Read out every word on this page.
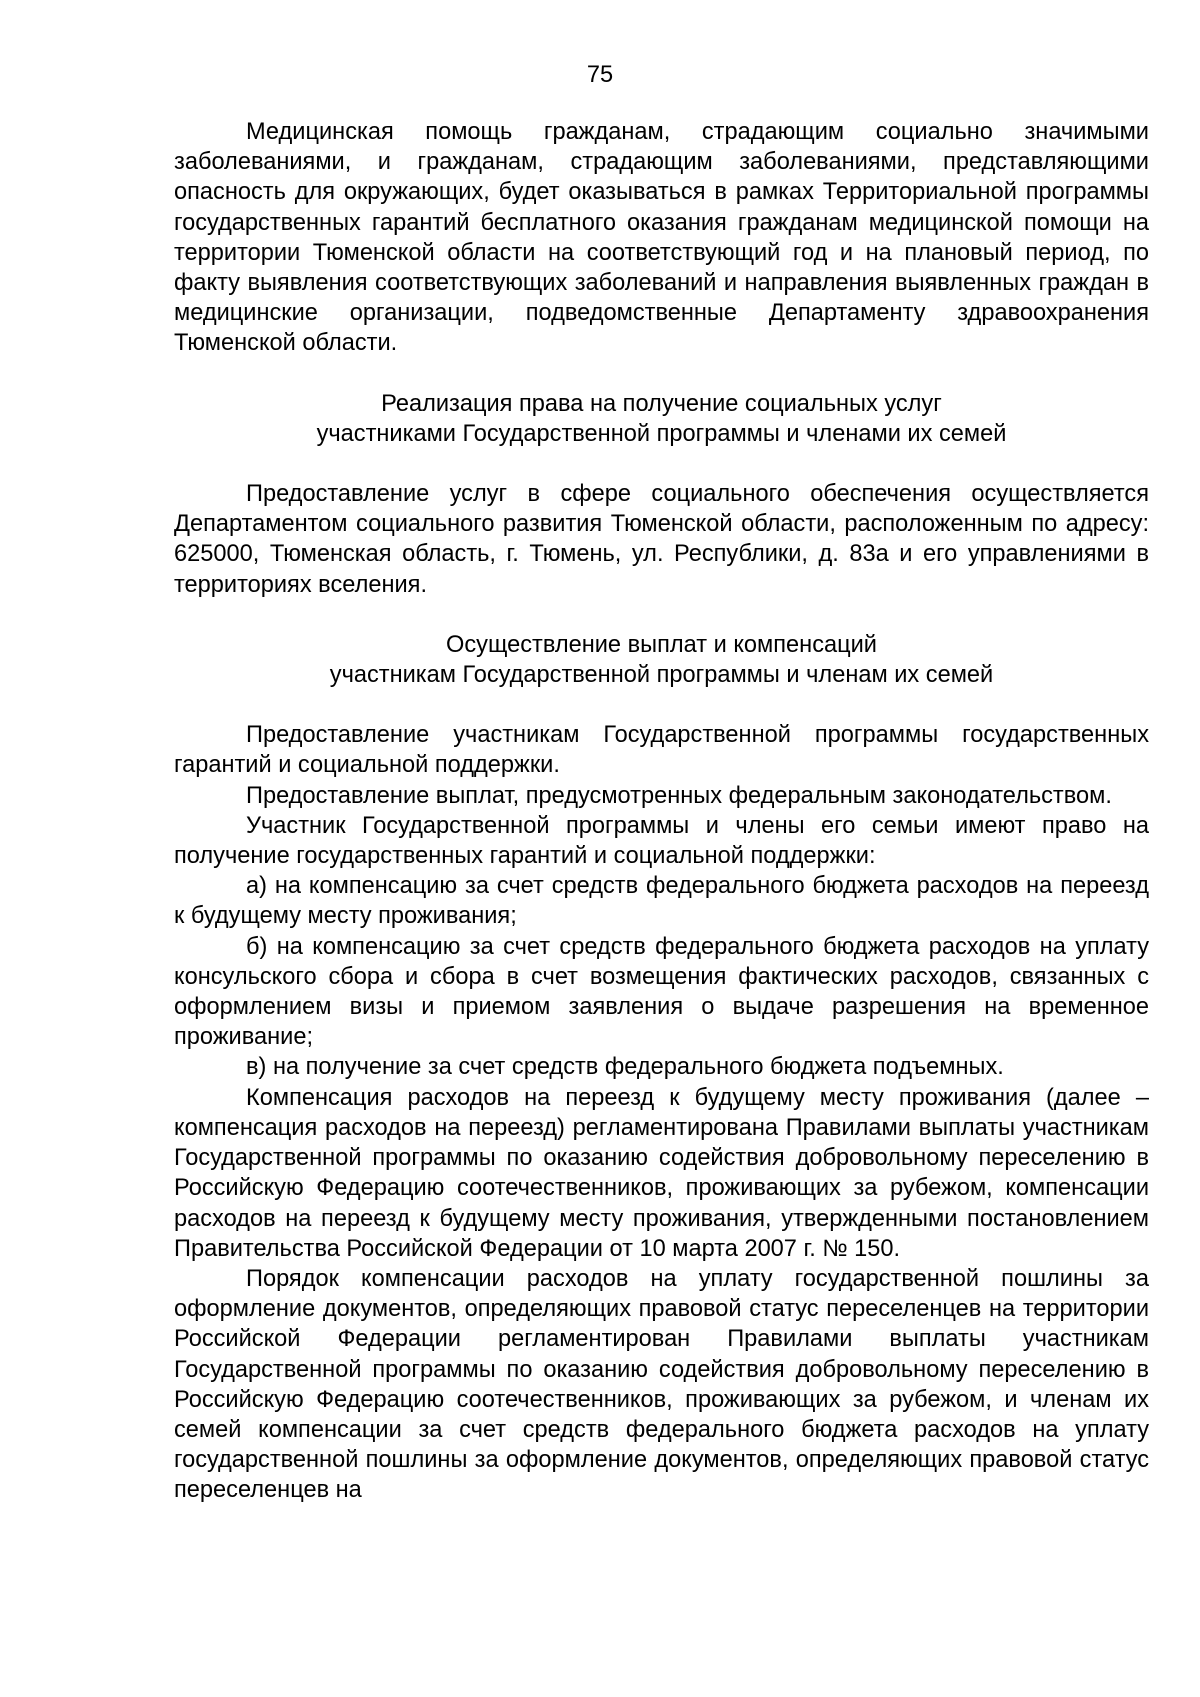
75

Медицинская помощь гражданам, страдающим социально значимыми заболеваниями, и гражданам, страдающим заболеваниями, представляющими опасность для окружающих, будет оказываться в рамках Территориальной программы государственных гарантий бесплатного оказания гражданам медицинской помощи на территории Тюменской области на соответствующий год и на плановый период, по факту выявления соответствующих заболеваний и направления выявленных граждан в медицинские организации, подведомственные Департаменту здравоохранения Тюменской области.

Реализация права на получение социальных услуг
участниками Государственной программы и членами их семей

Предоставление услуг в сфере социального обеспечения осуществляется Департаментом социального развития Тюменской области, расположенным по адресу: 625000, Тюменская область, г. Тюмень, ул. Республики, д. 83а и его управлениями в территориях вселения.

Осуществление выплат и компенсаций
участникам Государственной программы и членам их семей

Предоставление участникам Государственной программы государственных гарантий и социальной поддержки.

Предоставление выплат, предусмотренных федеральным законодательством.

Участник Государственной программы и члены его семьи имеют право на получение государственных гарантий и социальной поддержки:

а) на компенсацию за счет средств федерального бюджета расходов на переезд к будущему месту проживания;

б) на компенсацию за счет средств федерального бюджета расходов на уплату консульского сбора и сбора в счет возмещения фактических расходов, связанных с оформлением визы и приемом заявления о выдаче разрешения на временное проживание;

в) на получение за счет средств федерального бюджета подъемных.

Компенсация расходов на переезд к будущему месту проживания (далее – компенсация расходов на переезд) регламентирована Правилами выплаты участникам Государственной программы по оказанию содействия добровольному переселению в Российскую Федерацию соотечественников, проживающих за рубежом, компенсации расходов на переезд к будущему месту проживания, утвержденными постановлением Правительства Российской Федерации от 10 марта 2007 г. № 150.

Порядок компенсации расходов на уплату государственной пошлины за оформление документов, определяющих правовой статус переселенцев на территории Российской Федерации регламентирован Правилами выплаты участникам Государственной программы по оказанию содействия добровольному переселению в Российскую Федерацию соотечественников, проживающих за рубежом, и членам их семей компенсации за счет средств федерального бюджета расходов на уплату государственной пошлины за оформление документов, определяющих правовой статус переселенцев на
